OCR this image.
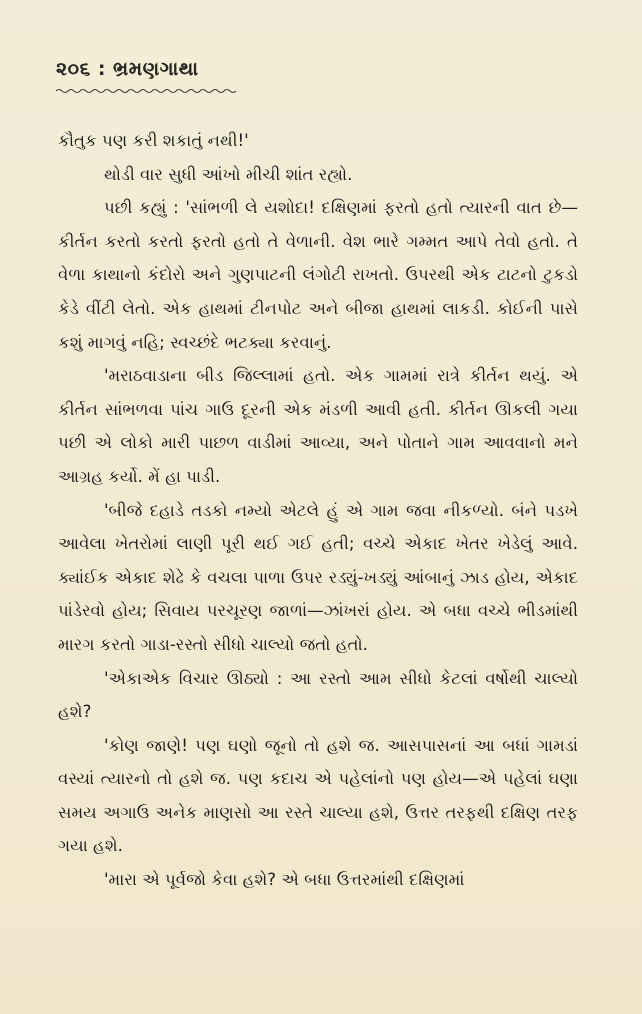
૨૦૬ : ભ્રમણગાથા

કૌતુક પણ કરી શકાતું નથી!'

થોડી વાર સુધી આંખો મીચી શાંત રહ્યો.

પછી કહ્યું : 'સાંભળી લે યશોદા! દક્ષિણમાં ફરતો હતો ત્યારની વાત છે—કીર્તન કરતો કરતો ફરતો હતો તે વેળાની. વેશ ભારે ગમ્મત આપે તેવો હતો. તે વેળા કાથાનો કંદોરો અને ગુણપાટની લંગોટી રાખતો. ઉપરથી એક ટાટનો ટુકડો કેડે વીંટી લેતો. એક હાથમાં ટીનપોટ અને બીજા હાથમાં લાકડી. કોઈની પાસે કશું માગવું નહિ; સ્વચ્છંદે ભટક્યા કરવાનું.

'મરાઠવાડાના બીડ જિલ્લામાં હતો. એક ગામમાં રાત્રે કીર્તન થયું. એ કીર્તન સાંભળવા પાંચ ગાઉ દૂરની એક મંડળી આવી હતી. કીર્તન ઊકલી ગયા પછી એ લોકો મારી પાછળ વાડીમાં આવ્યા, અને પોતાને ગામ આવવાનો મને આગ્રહ કર્યો. મેં હા પાડી.

'બીજે દહાડે તડકો નમ્યો એટલે હું એ ગામ જવા નીકળ્યો. બંને પડખે આવેલા ખેતરોમાં લાણી પૂરી થઈ ગઈ હતી; વચ્ચે એકાદ ખેતર ખેડેલું આવે. ક્યાંઈક એકાદ શેઢે કે વચલા પાળા ઉપર રડ્યું-ખડ્યું આંબાનું ઝાડ હોય, એકાદ પાંડેરવો હોય; સિવાય પરચૂરણ જાળાં—ઝાંખરાં હોય. એ બધા વચ્ચે ભીડમાંથી મારગ કરતો ગાડા-રસ્તો સીધો ચાલ્યો જતો હતો.

'એકાએક વિચાર ઊઠ્યો : આ રસ્તો આમ સીધો કેટલાં વર્ષોથી ચાલ્યો હશે?

'કોણ જાણે! પણ ઘણો જૂનો તો હશે જ. આસપાસનાં આ બધાં ગામડાં વસ્યાં ત્યારનો તો હશે જ. પણ કદાચ એ પહેલાંનો પણ હોય—એ પહેલાં ઘણા સમય અગાઉ અનેક માણસો આ રસ્તે ચાલ્યા હશે, ઉત્તર તરફથી દક્ષિણ તરફ ગયા હશે.

'મારા એ પૂર્વજો કેવા હશે? એ બધા ઉત્તરમાંથી દક્ષિણમાં
